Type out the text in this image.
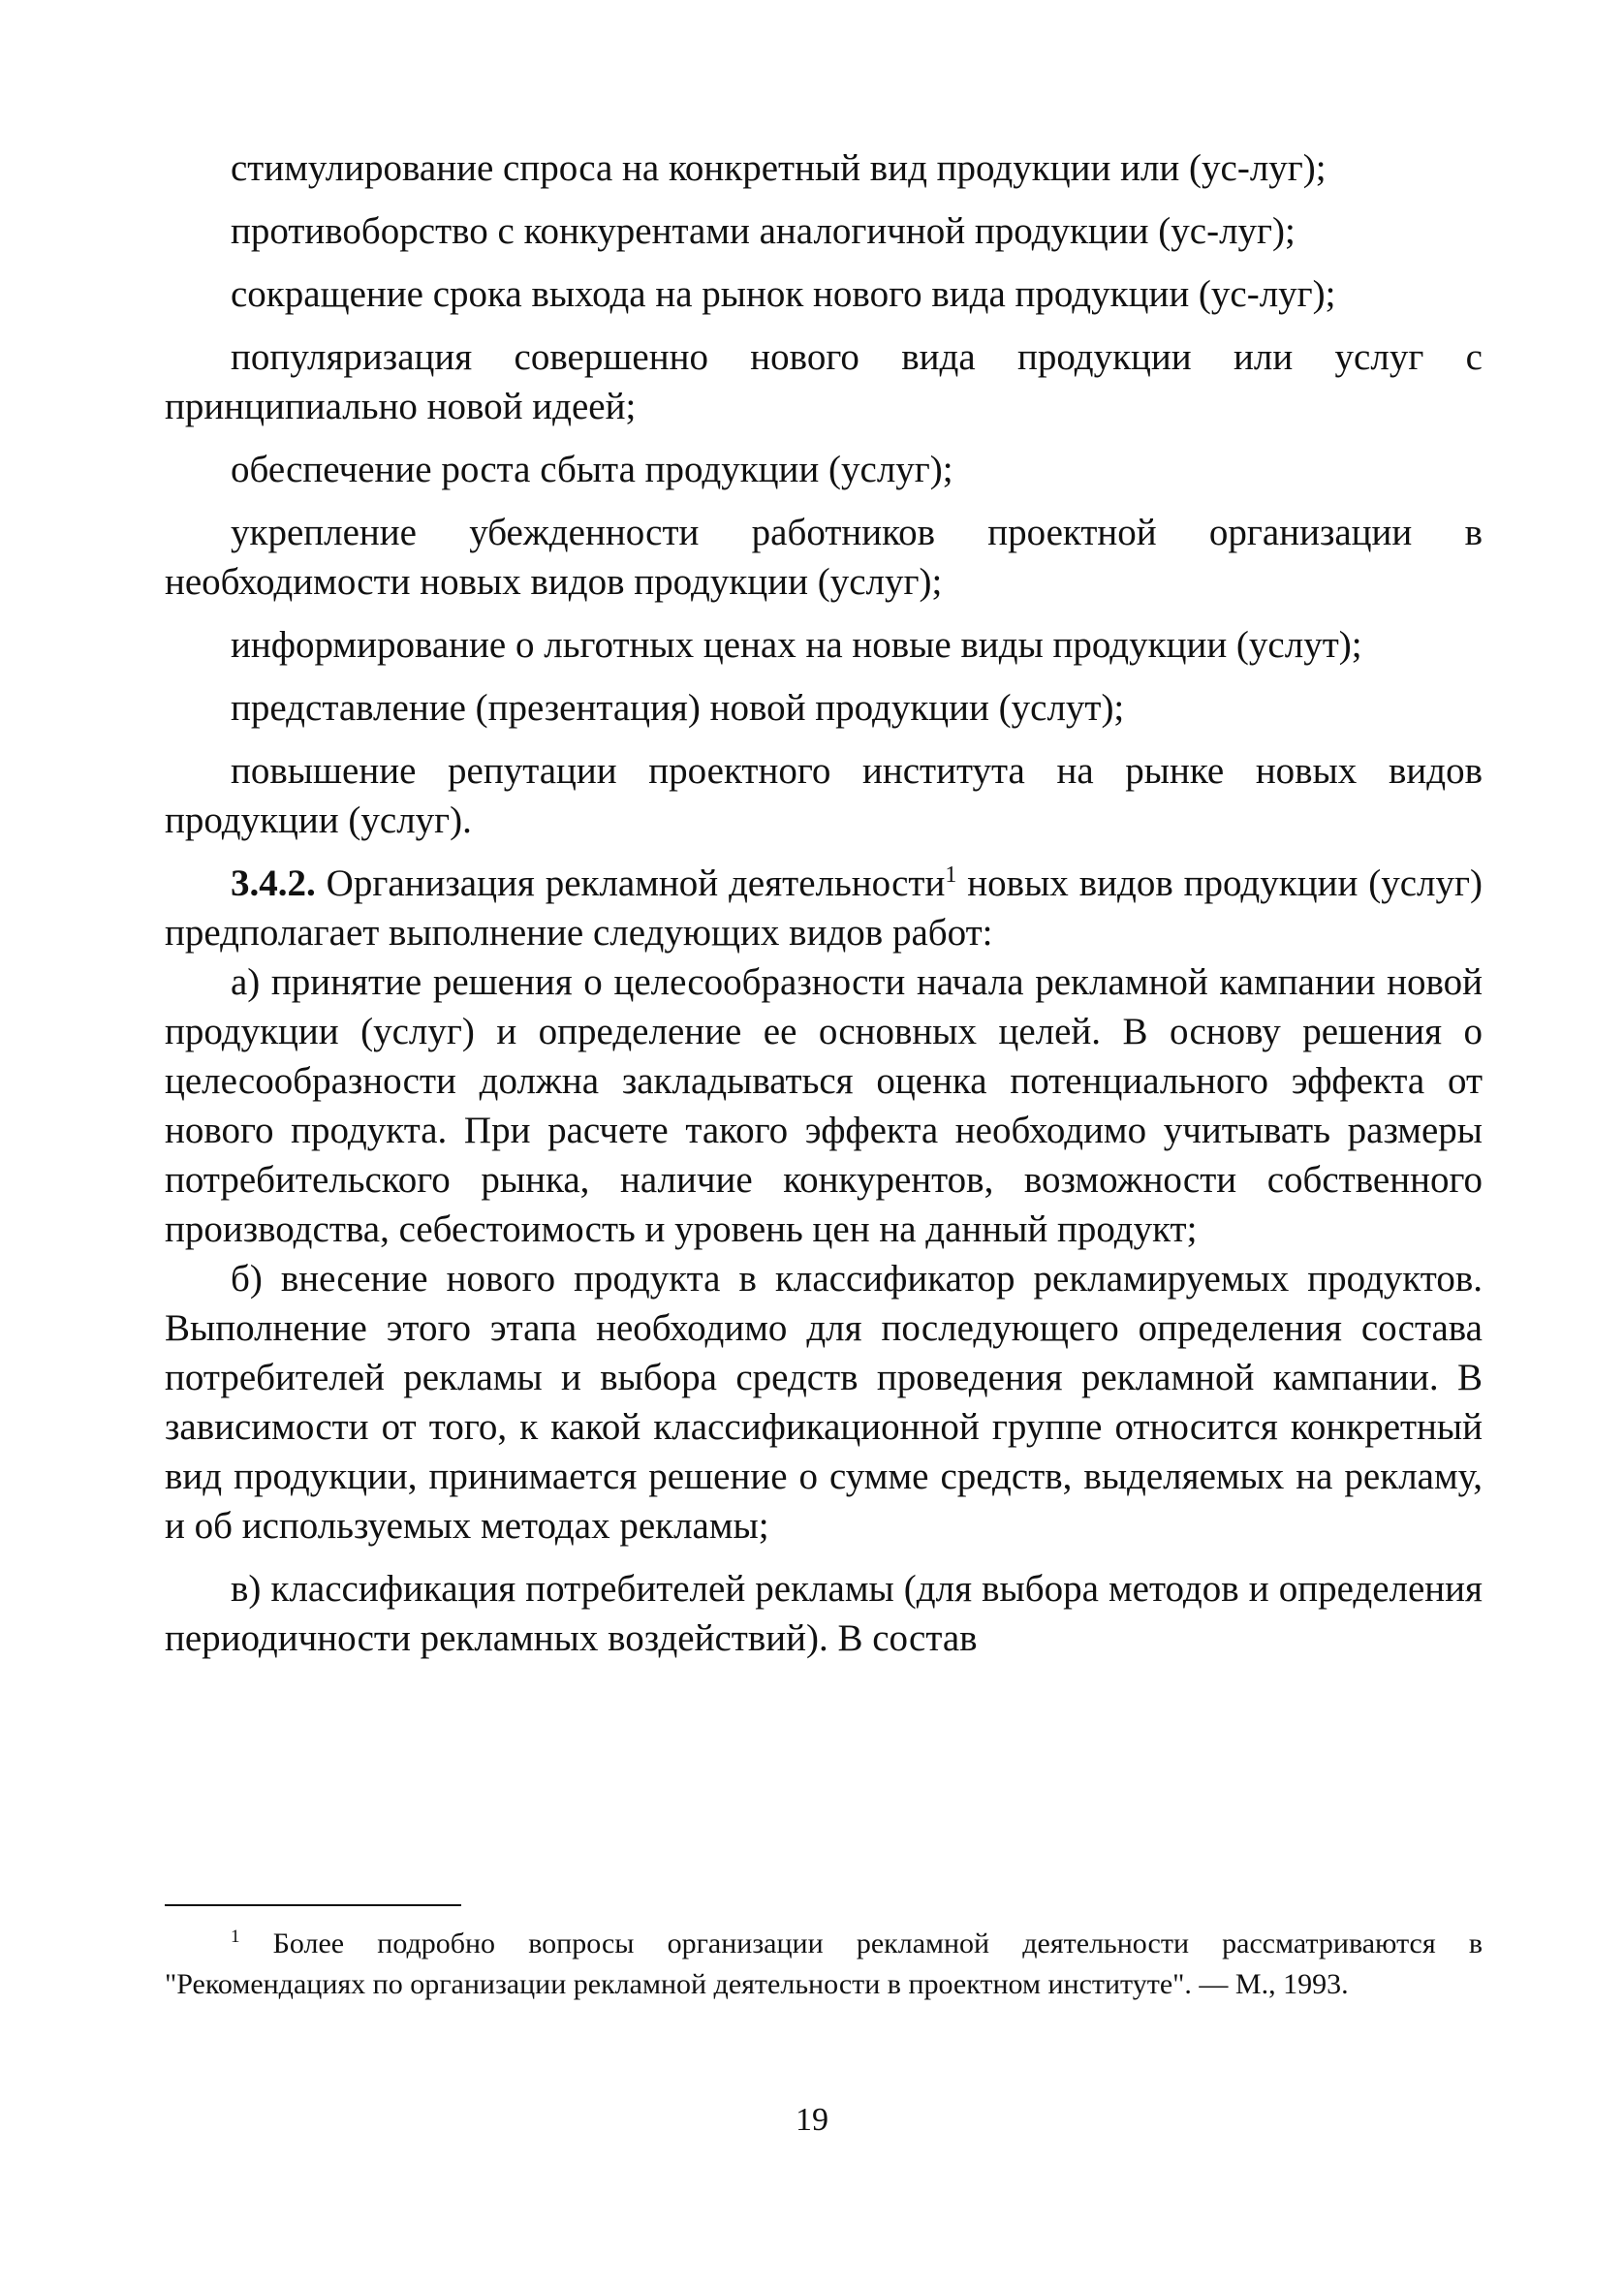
стимулирование спроса на конкретный вид продукции или (ус-луг);

противоборство с конкурентами аналогичной продукции (ус-луг);

сокращение срока выхода на рынок нового вида продукции (ус-луг);

популяризация совершенно нового вида продукции или услуг с принципиально новой идеей;

обеспечение роста сбыта продукции (услуг);

укрепление убежденности работников проектной организации в необходимости новых видов продукции (услуг);

информирование о льготных ценах на новые виды продукции (услут);

представление (презентация) новой продукции (услут);

повышение репутации проектного института на рынке новых видов продукции (услуг).

3.4.2. Организация рекламной деятельности$^1$ новых видов продукции (услуг) предполагает выполнение следующих видов работ:

а) принятие решения о целесообразности начала рекламной кампании новой продукции (услуг) и определение ее основных целей. В основу решения о целесообразности должна закладываться оценка потенциального эффекта от нового продукта. При расчете такого эффекта необходимо учитывать размеры потребительского рынка, наличие конкурентов, возможности собственного производства, себестоимость и уровень цен на данный продукт;

б) внесение нового продукта в классификатор рекламируемых продуктов. Выполнение этого этапа необходимо для последующего определения состава потребителей рекламы и выбора средств проведения рекламной кампании. В зависимости от того, к какой классификационной группе относится конкретный вид продукции, принимается решение о сумме средств, выделяемых на рекламу, и об используемых методах рекламы;

в) классификация потребителей рекламы (для выбора методов и определения периодичности рекламных воздействий). В состав

$^1$ Более подробно вопросы организации рекламной деятельности рассматриваются в "Рекомендациях по организации рекламной деятельности в проектном институте". — М., 1993.

19
